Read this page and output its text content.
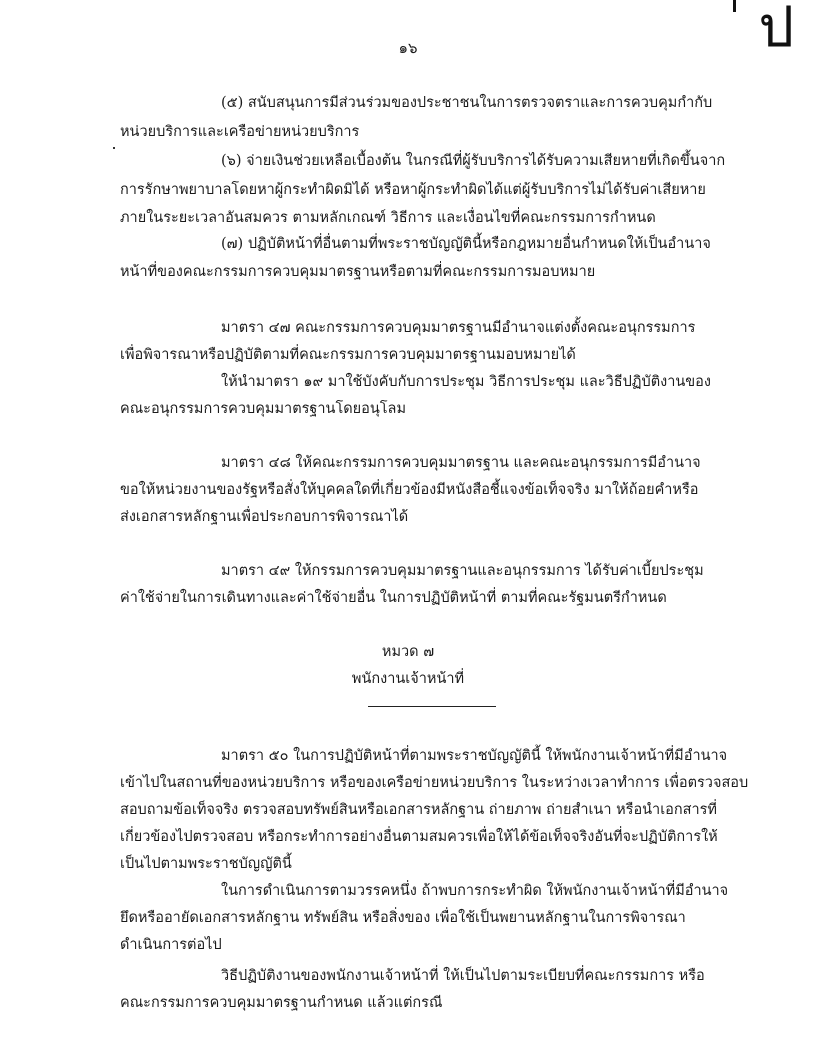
ป
๑๖
(๕) สนับสนุนการมีส่วนร่วมของประชาชนในการตรวจตราและการควบคุมกำกับ
หน่วยบริการและเครือข่ายหน่วยบริการ
(๖) จ่ายเงินช่วยเหลือเบื้องต้น ในกรณีที่ผู้รับบริการได้รับความเสียหายที่เกิดขึ้นจาก
การรักษาพยาบาลโดยหาผู้กระทำผิดมิได้ หรือหาผู้กระทำผิดได้แต่ผู้รับบริการไม่ได้รับค่าเสียหาย
ภายในระยะเวลาอันสมควร ตามหลักเกณฑ์ วิธีการ และเงื่อนไขที่คณะกรรมการกำหนด
(๗) ปฏิบัติหน้าที่อื่นตามที่พระราชบัญญัตินี้หรือกฎหมายอื่นกำหนดให้เป็นอำนาจ
หน้าที่ของคณะกรรมการควบคุมมาตรฐานหรือตามที่คณะกรรมการมอบหมาย
มาตรา ๔๗ คณะกรรมการควบคุมมาตรฐานมีอำนาจแต่งตั้งคณะอนุกรรมการ
เพื่อพิจารณาหรือปฏิบัติตามที่คณะกรรมการควบคุมมาตรฐานมอบหมายได้
ให้นำมาตรา ๑๙ มาใช้บังคับกับการประชุม วิธีการประชุม และวิธีปฏิบัติงานของ
คณะอนุกรรมการควบคุมมาตรฐานโดยอนุโลม
มาตรา ๔๘ ให้คณะกรรมการควบคุมมาตรฐาน และคณะอนุกรรมการมีอำนาจ
ขอให้หน่วยงานของรัฐหรือสั่งให้บุคคลใดที่เกี่ยวข้องมีหนังสือชี้แจงข้อเท็จจริง มาให้ถ้อยคำหรือ
ส่งเอกสารหลักฐานเพื่อประกอบการพิจารณาได้
มาตรา ๔๙ ให้กรรมการควบคุมมาตรฐานและอนุกรรมการ ได้รับค่าเบี้ยประชุม
ค่าใช้จ่ายในการเดินทางและค่าใช้จ่ายอื่น ในการปฏิบัติหน้าที่ ตามที่คณะรัฐมนตรีกำหนด
หมวด ๗
พนักงานเจ้าหน้าที่
มาตรา ๕๐ ในการปฏิบัติหน้าที่ตามพระราชบัญญัตินี้ ให้พนักงานเจ้าหน้าที่มีอำนาจ
เข้าไปในสถานที่ของหน่วยบริการ หรือของเครือข่ายหน่วยบริการ ในระหว่างเวลาทำการ เพื่อตรวจสอบ
สอบถามข้อเท็จจริง ตรวจสอบทรัพย์สินหรือเอกสารหลักฐาน ถ่ายภาพ ถ่ายสำเนา หรือนำเอกสารที่
เกี่ยวข้องไปตรวจสอบ หรือกระทำการอย่างอื่นตามสมควรเพื่อให้ได้ข้อเท็จจริงอันที่จะปฏิบัติการให้
เป็นไปตามพระราชบัญญัตินี้
ในการดำเนินการตามวรรคหนึ่ง ถ้าพบการกระทำผิด ให้พนักงานเจ้าหน้าที่มีอำนาจ
ยึดหรืออายัดเอกสารหลักฐาน ทรัพย์สิน หรือสิ่งของ เพื่อใช้เป็นพยานหลักฐานในการพิจารณา
ดำเนินการต่อไป
วิธีปฏิบัติงานของพนักงานเจ้าหน้าที่ ให้เป็นไปตามระเบียบที่คณะกรรมการ หรือ
คณะกรรมการควบคุมมาตรฐานกำหนด แล้วแต่กรณี
